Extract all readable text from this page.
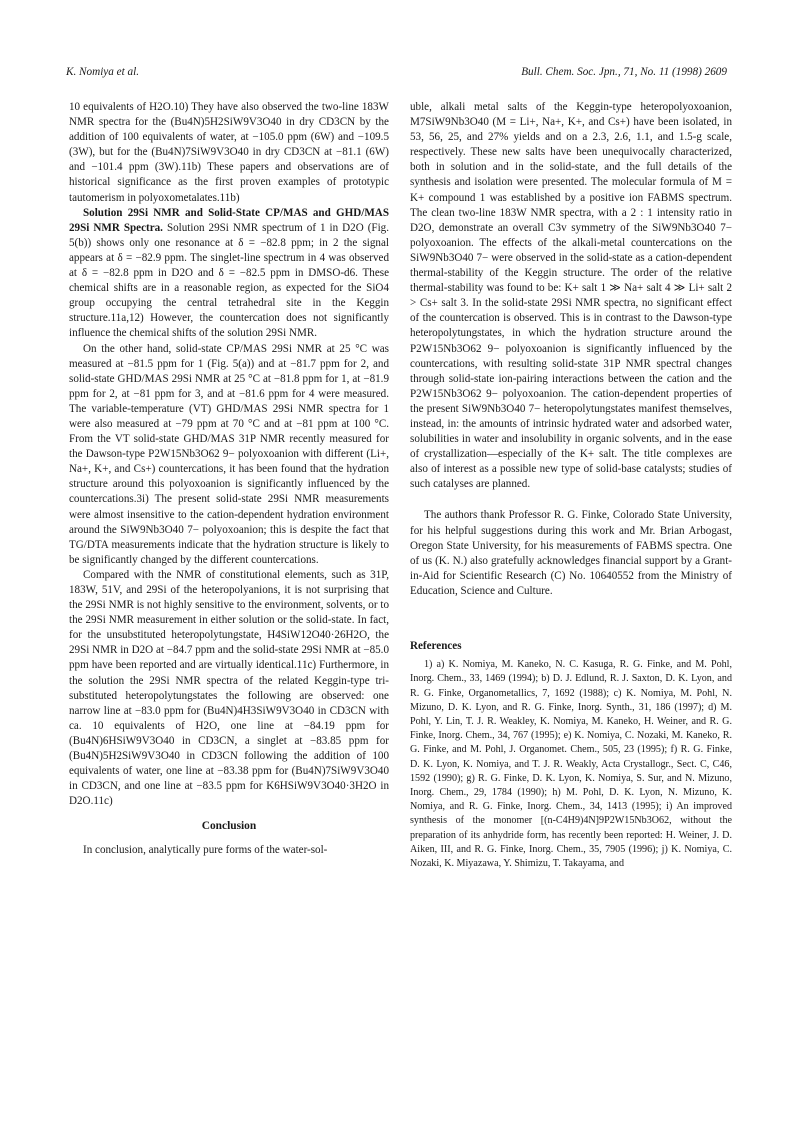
K. Nomiya et al.	Bull. Chem. Soc. Jpn., 71, No. 11 (1998) 2609

10 equivalents of H2O.10) They have also observed the two-line 183W NMR spectra for the (Bu4N)5H2SiW9V3O40 in dry CD3CN by the addition of 100 equivalents of water, at −105.0 ppm (6W) and −109.5 (3W), but for the (Bu4N)7SiW9V3O40 in dry CD3CN at −81.1 (6W) and −101.4 ppm (3W).11b) These papers and observations are of historical significance as the first proven examples of prototypic tautomerism in polyoxometalates.11b)

Solution 29Si NMR and Solid-State CP/MAS and GHD/MAS 29Si NMR Spectra. Solution 29Si NMR spectrum of 1 in D2O (Fig. 5(b)) shows only one resonance at δ = −82.8 ppm; in 2 the signal appears at δ = −82.9 ppm. The singlet-line spectrum in 4 was observed at δ = −82.8 ppm in D2O and δ = −82.5 ppm in DMSO-d6. These chemical shifts are in a reasonable region, as expected for the SiO4 group occupying the central tetrahedral site in the Keggin structure.11a,12) However, the countercation does not significantly influence the chemical shifts of the solution 29Si NMR.

On the other hand, solid-state CP/MAS 29Si NMR at 25 °C was measured at −81.5 ppm for 1 (Fig. 5(a)) and at −81.7 ppm for 2, and solid-state GHD/MAS 29Si NMR at 25 °C at −81.8 ppm for 1, at −81.9 ppm for 2, at −81 ppm for 3, and at −81.6 ppm for 4 were measured. The variable-temperature (VT) GHD/MAS 29Si NMR spectra for 1 were also measured at −79 ppm at 70 °C and at −81 ppm at 100 °C. From the VT solid-state GHD/MAS 31P NMR recently measured for the Dawson-type P2W15Nb3O62 9− polyoxoanion with different (Li+, Na+, K+, and Cs+) countercations, it has been found that the hydration structure around this polyoxoanion is significantly influenced by the countercations.3i) The present solid-state 29Si NMR measurements were almost insensitive to the cation-dependent hydration environment around the SiW9Nb3O40 7− polyoxoanion; this is despite the fact that TG/DTA measurements indicate that the hydration structure is likely to be significantly changed by the different countercations.

Compared with the NMR of constitutional elements, such as 31P, 183W, 51V, and 29Si of the heteropolyanions, it is not surprising that the 29Si NMR is not highly sensitive to the environment, solvents, or to the 29Si NMR measurement in either solution or the solid-state. In fact, for the unsubstituted heteropolytungstate, H4SiW12O40·26H2O, the 29Si NMR in D2O at −84.7 ppm and the solid-state 29Si NMR at −85.0 ppm have been reported and are virtually identical.11c) Furthermore, in the solution the 29Si NMR spectra of the related Keggin-type tri-substituted heteropolytungstates the following are observed: one narrow line at −83.0 ppm for (Bu4N)4H3SiW9V3O40 in CD3CN with ca. 10 equivalents of H2O, one line at −84.19 ppm for (Bu4N)6HSiW9V3O40 in CD3CN, a singlet at −83.85 ppm for (Bu4N)5H2SiW9V3O40 in CD3CN following the addition of 100 equivalents of water, one line at −83.38 ppm for (Bu4N)7SiW9V3O40 in CD3CN, and one line at −83.5 ppm for K6HSiW9V3O40·3H2O in D2O.11c)

Conclusion

In conclusion, analytically pure forms of the water-sol-

uble, alkali metal salts of the Keggin-type heteropolyoxoanion, M7SiW9Nb3O40 (M = Li+, Na+, K+, and Cs+) have been isolated, in 53, 56, 25, and 27% yields and on a 2.3, 2.6, 1.1, and 1.5-g scale, respectively. These new salts have been unequivocally characterized, both in solution and in the solid-state, and the full details of the synthesis and isolation were presented. The molecular formula of M = K+ compound 1 was established by a positive ion FABMS spectrum. The clean two-line 183W NMR spectra, with a 2 : 1 intensity ratio in D2O, demonstrate an overall C3v symmetry of the SiW9Nb3O40 7− polyoxoanion. The effects of the alkali-metal countercations on the SiW9Nb3O40 7− were observed in the solid-state as a cation-dependent thermal-stability of the Keggin structure. The order of the relative thermal-stability was found to be: K+ salt 1 ≫ Na+ salt 4 ≫ Li+ salt 2 > Cs+ salt 3. In the solid-state 29Si NMR spectra, no significant effect of the countercation is observed. This is in contrast to the Dawson-type heteropolytungstates, in which the hydration structure around the P2W15Nb3O62 9− polyoxoanion is significantly influenced by the countercations, with resulting solid-state 31P NMR spectral changes through solid-state ion-pairing interactions between the cation and the P2W15Nb3O62 9− polyoxoanion. The cation-dependent properties of the present SiW9Nb3O40 7− heteropolytungstates manifest themselves, instead, in: the amounts of intrinsic hydrated water and adsorbed water, solubilities in water and insolubility in organic solvents, and in the ease of crystallization—especially of the K+ salt. The title complexes are also of interest as a possible new type of solid-base catalysts; studies of such catalyses are planned.

The authors thank Professor R. G. Finke, Colorado State University, for his helpful suggestions during this work and Mr. Brian Arbogast, Oregon State University, for his measurements of FABMS spectra. One of us (K. N.) also gratefully acknowledges financial support by a Grant-in-Aid for Scientific Research (C) No. 10640552 from the Ministry of Education, Science and Culture.

References

1) a) K. Nomiya, M. Kaneko, N. C. Kasuga, R. G. Finke, and M. Pohl, Inorg. Chem., 33, 1469 (1994); b) D. J. Edlund, R. J. Saxton, D. K. Lyon, and R. G. Finke, Organometallics, 7, 1692 (1988); c) K. Nomiya, M. Pohl, N. Mizuno, D. K. Lyon, and R. G. Finke, Inorg. Synth., 31, 186 (1997); d) M. Pohl, Y. Lin, T. J. R. Weakley, K. Nomiya, M. Kaneko, H. Weiner, and R. G. Finke, Inorg. Chem., 34, 767 (1995); e) K. Nomiya, C. Nozaki, M. Kaneko, R. G. Finke, and M. Pohl, J. Organomet. Chem., 505, 23 (1995); f) R. G. Finke, D. K. Lyon, K. Nomiya, and T. J. R. Weakly, Acta Crystallogr., Sect. C, C46, 1592 (1990); g) R. G. Finke, D. K. Lyon, K. Nomiya, S. Sur, and N. Mizuno, Inorg. Chem., 29, 1784 (1990); h) M. Pohl, D. K. Lyon, N. Mizuno, K. Nomiya, and R. G. Finke, Inorg. Chem., 34, 1413 (1995); i) An improved synthesis of the monomer [(n-C4H9)4N]9P2W15Nb3O62, without the preparation of its anhydride form, has recently been reported: H. Weiner, J. D. Aiken, III, and R. G. Finke, Inorg. Chem., 35, 7905 (1996); j) K. Nomiya, C. Nozaki, K. Miyazawa, Y. Shimizu, T. Takayama, and
